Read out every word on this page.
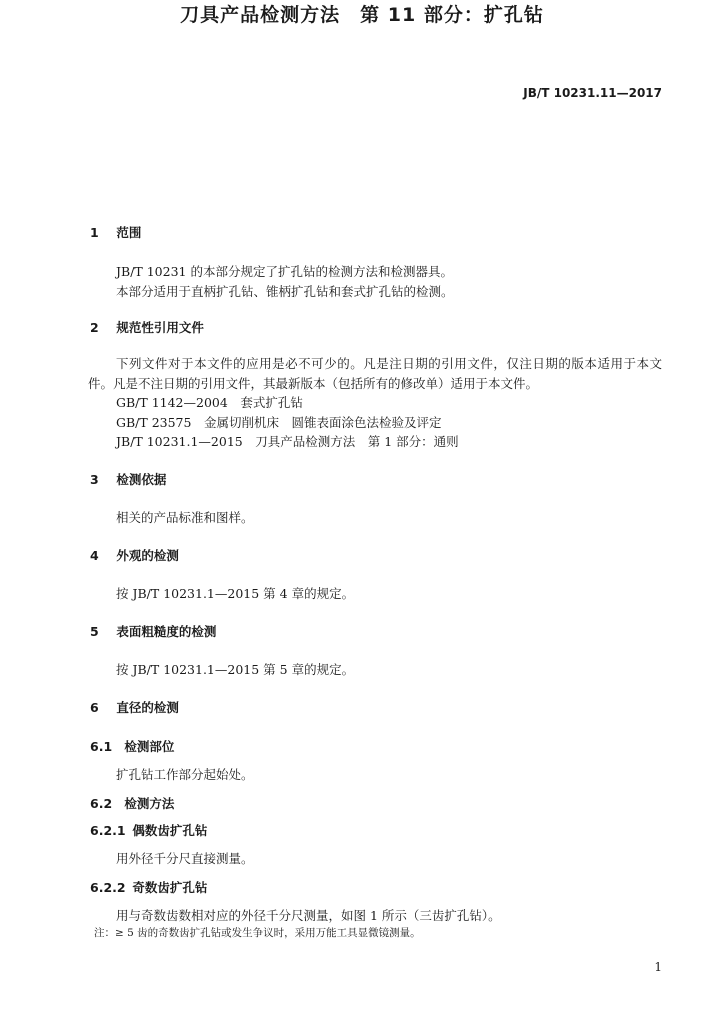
JB/T 10231.11—2017
刀具产品检测方法　第 11 部分：扩孔钻
1 范围
JB/T 10231 的本部分规定了扩孔钻的检测方法和检测器具。
本部分适用于直柄扩孔钻、锥柄扩孔钻和套式扩孔钻的检测。
2 规范性引用文件
下列文件对于本文件的应用是必不可少的。凡是注日期的引用文件，仅注日期的版本适用于本文件。凡是不注日期的引用文件，其最新版本（包括所有的修改单）适用于本文件。
GB/T 1142—2004　套式扩孔钻
GB/T 23575　金属切削机床　圆锥表面涂色法检验及评定
JB/T 10231.1—2015　刀具产品检测方法　第 1 部分：通则
3 检测依据
相关的产品标准和图样。
4 外观的检测
按 JB/T 10231.1—2015 第 4 章的规定。
5 表面粗糙度的检测
按 JB/T 10231.1—2015 第 5 章的规定。
6 直径的检测
6.1 检测部位
扩孔钻工作部分起始处。
6.2 检测方法
6.2.1 偶数齿扩孔钻
用外径千分尺直接测量。
6.2.2 奇数齿扩孔钻
用与奇数齿数相对应的外径千分尺测量，如图 1 所示（三齿扩孔钻）。
注：≥ 5 齿的奇数齿扩孔钻或发生争议时，采用万能工具显微镜测量。
1
